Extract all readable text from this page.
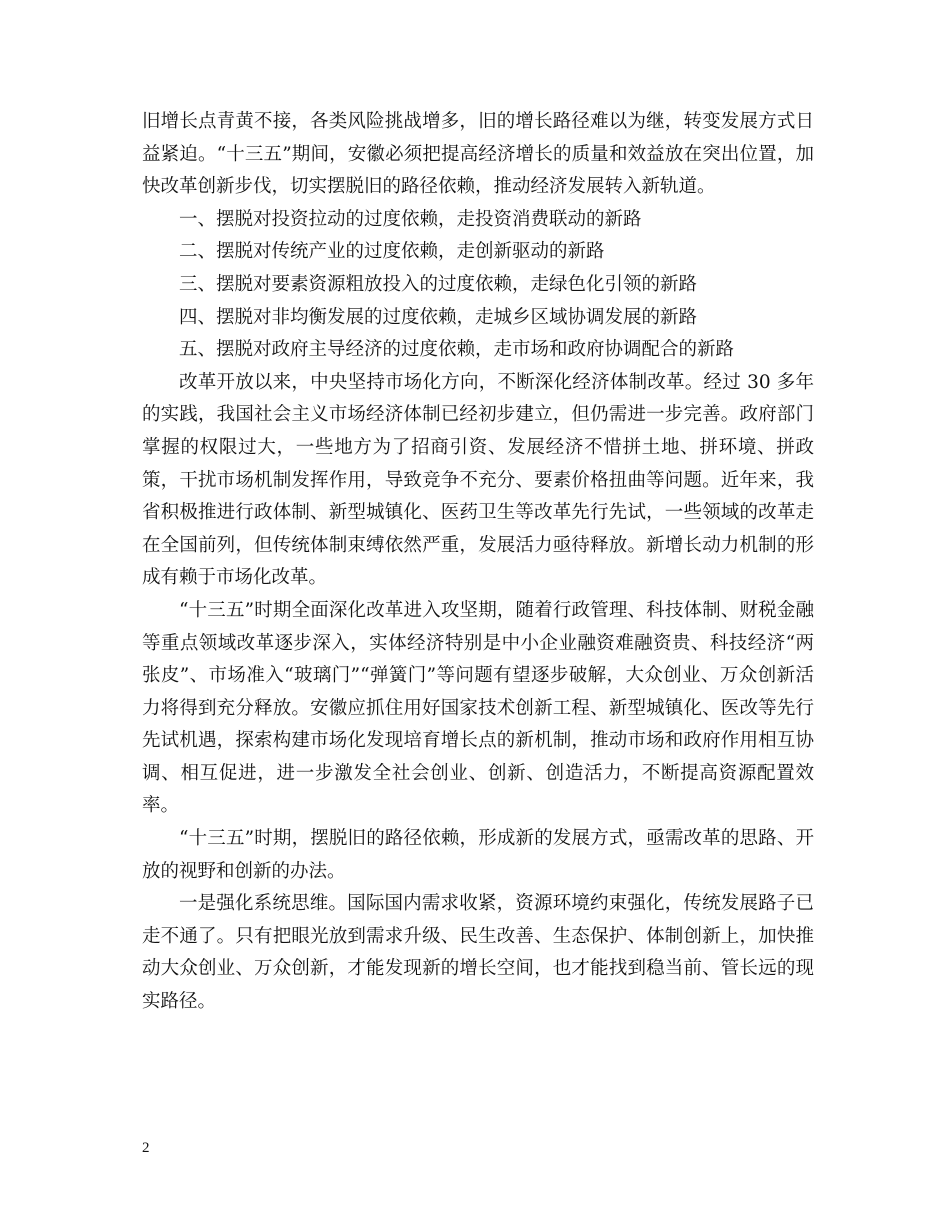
旧增长点青黄不接，各类风险挑战增多，旧的增长路径难以为继，转变发展方式日益紧迫。“十三五”期间，安徽必须把提高经济增长的质量和效益放在突出位置，加快改革创新步伐，切实摆脱旧的路径依赖，推动经济发展转入新轨道。

一、摆脱对投资拉动的过度依赖，走投资消费联动的新路

二、摆脱对传统产业的过度依赖，走创新驱动的新路

三、摆脱对要素资源粗放投入的过度依赖，走绿色化引领的新路

四、摆脱对非均衡发展的过度依赖，走城乡区域协调发展的新路

五、摆脱对政府主导经济的过度依赖，走市场和政府协调配合的新路

改革开放以来，中央坚持市场化方向，不断深化经济体制改革。经过 30 多年的实践，我国社会主义市场经济体制已经初步建立，但仍需进一步完善。政府部门掌握的权限过大，一些地方为了招商引资、发展经济不惜拼土地、拼环境、拼政策，干扰市场机制发挥作用，导致竞争不充分、要素价格扭曲等问题。近年来，我省积极推进行政体制、新型城镇化、医药卫生等改革先行先试，一些领域的改革走在全国前列，但传统体制束缚依然严重，发展活力亟待释放。新增长动力机制的形成有赖于市场化改革。

“十三五”时期全面深化改革进入攻坚期，随着行政管理、科技体制、财税金融等重点领域改革逐步深入，实体经济特别是中小企业融资难融资贵、科技经济“两张皮”、市场准入“玻璃门”“弹簧门”等问题有望逐步破解，大众创业、万众创新活力将得到充分释放。安徽应抓住用好国家技术创新工程、新型城镇化、医改等先行先试机遇，探索构建市场化发现培育增长点的新机制，推动市场和政府作用相互协调、相互促进，进一步激发全社会创业、创新、创造活力，不断提高资源配置效率。

“十三五”时期，摆脱旧的路径依赖，形成新的发展方式，亟需改革的思路、开放的视野和创新的办法。

一是强化系统思维。国际国内需求收紧，资源环境约束强化，传统发展路子已走不通了。只有把眼光放到需求升级、民生改善、生态保护、体制创新上，加快推动大众创业、万众创新，才能发现新的增长空间，也才能找到稳当前、管长远的现实路径。

2
